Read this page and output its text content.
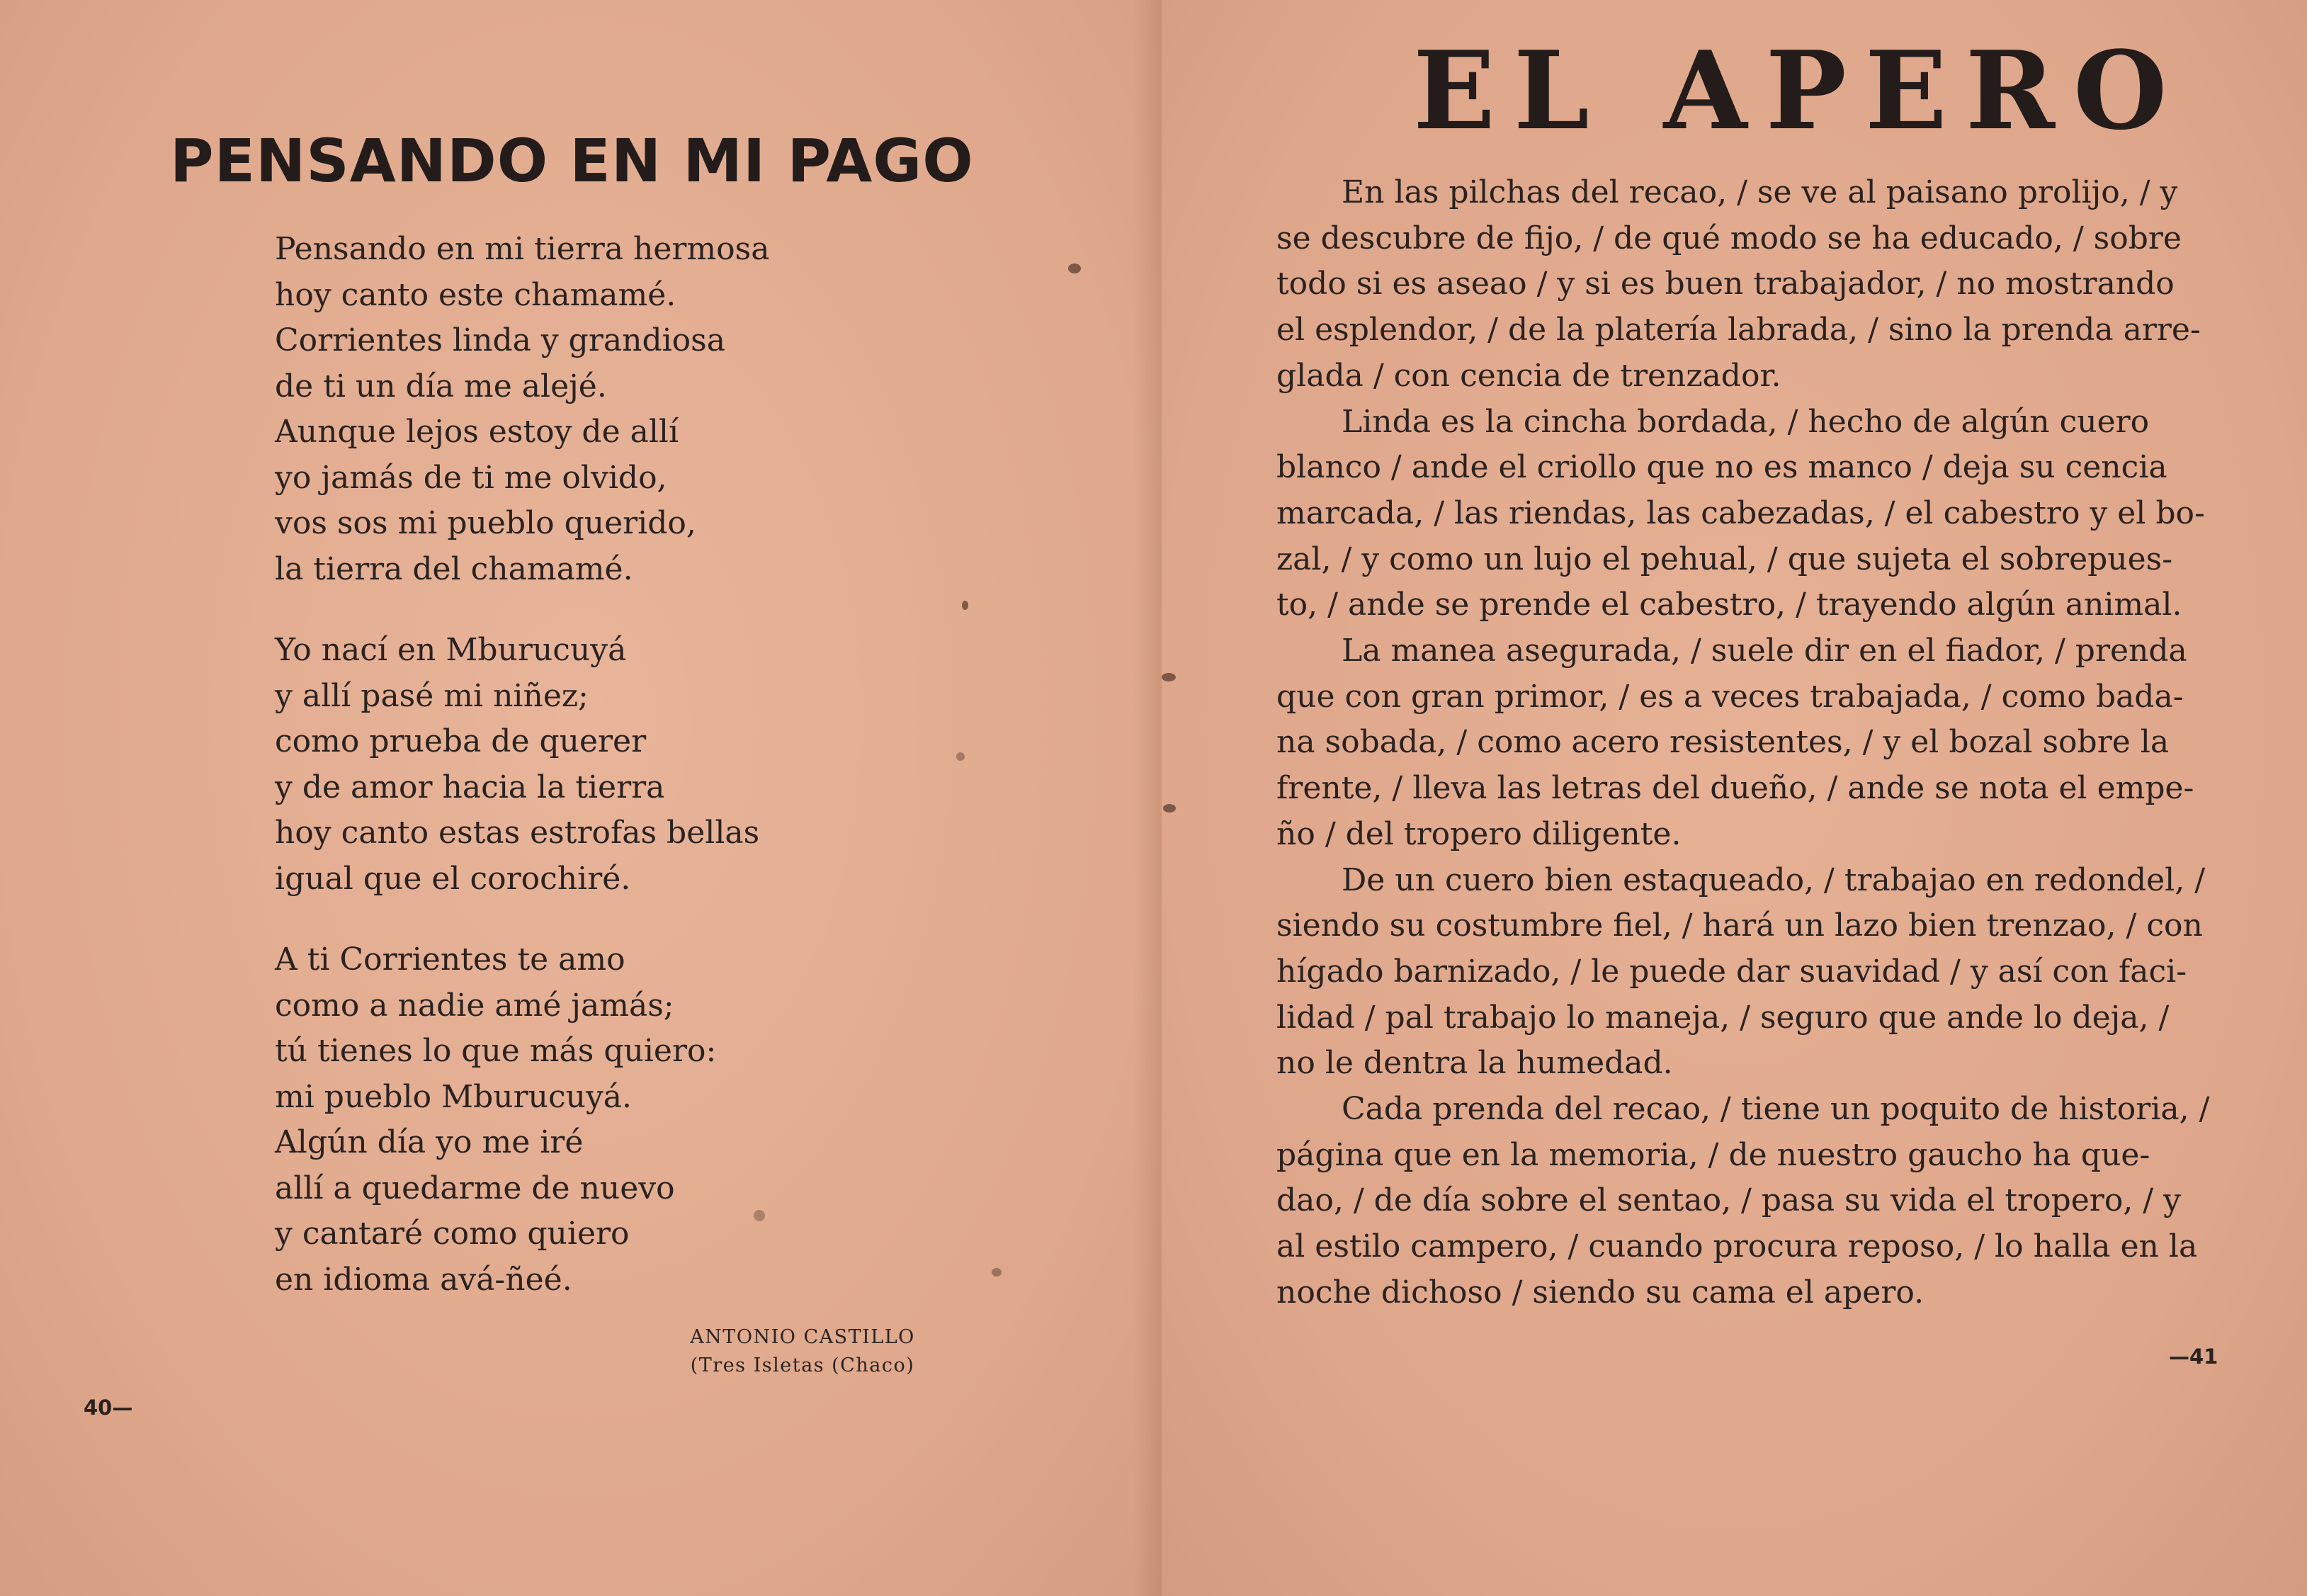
PENSANDO EN MI PAGO
Pensando en mi tierra hermosa
hoy canto este chamamé.
Corrientes linda y grandiosa
de ti un día me alejé.
Aunque lejos estoy de allí
yo jamás de ti me olvido,
vos sos mi pueblo querido,
la tierra del chamamé.
Yo nací en Mburucuyá
y allí pasé mi niñez;
como prueba de querer
y de amor hacia la tierra
hoy canto estas estrofas bellas
igual que el corochiré.
A ti Corrientes te amo
como a nadie amé jamás;
tú tienes lo que más quiero:
mi pueblo Mburucuyá.
Algún día yo me iré
allí a quedarme de nuevo
y cantaré como quiero
en idioma avá-ñeé.
ANTONIO CASTILLO
(Tres Isletas (Chaco)
40—
EL APERO
En las pilchas del recao, / se ve al paisano prolijo, / y
se descubre de fijo, / de qué modo se ha educado, / sobre
todo si es aseao / y si es buen trabajador, / no mostrando
el esplendor, / de la platería labrada, / sino la prenda arre-
glada / con cencia de trenzador.
Linda es la cincha bordada, / hecho de algún cuero
blanco / ande el criollo que no es manco / deja su cencia
marcada, / las riendas, las cabezadas, / el cabestro y el bo-
zal, / y como un lujo el pehual, / que sujeta el sobrepues-
to, / ande se prende el cabestro, / trayendo algún animal.
La manea asegurada, / suele dir en el fiador, / prenda
que con gran primor, / es a veces trabajada, / como bada-
na sobada, / como acero resistentes, / y el bozal sobre la
frente, / lleva las letras del dueño, / ande se nota el empe-
ño / del tropero diligente.
De un cuero bien estaqueado, / trabajao en redondel, /
siendo su costumbre fiel, / hará un lazo bien trenzao, / con
hígado barnizado, / le puede dar suavidad / y así con faci-
lidad / pal trabajo lo maneja, / seguro que ande lo deja, /
no le dentra la humedad.
Cada prenda del recao, / tiene un poquito de historia, /
página que en la memoria, / de nuestro gaucho ha que-
dao, / de día sobre el sentao, / pasa su vida el tropero, / y
al estilo campero, / cuando procura reposo, / lo halla en la
noche dichoso / siendo su cama el apero.
—41
